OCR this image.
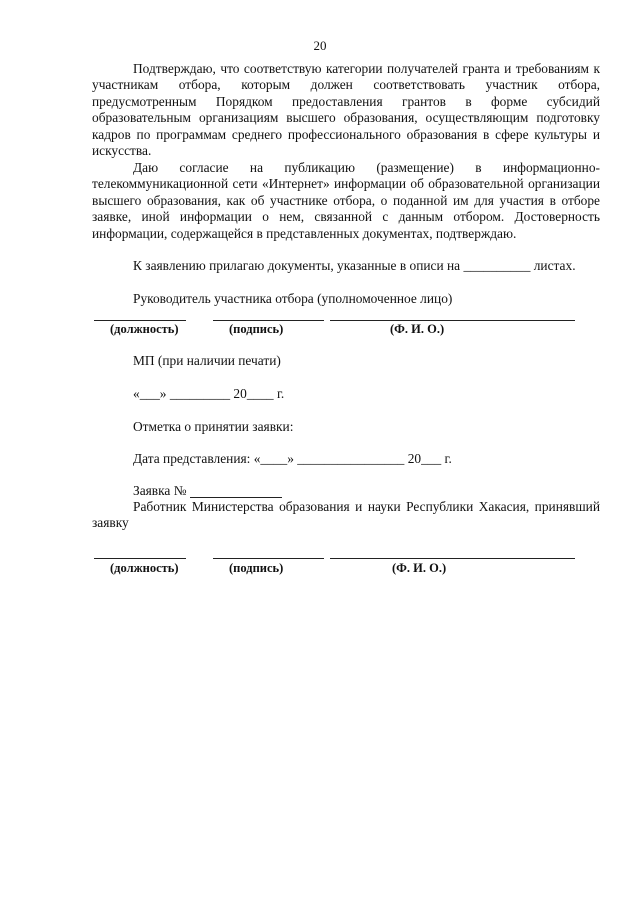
20

Подтверждаю, что соответствую категории получателей гранта и требованиям к участникам отбора, которым должен соответствовать участник отбора, предусмотренным Порядком предоставления грантов в форме субсидий образовательным организациям высшего образования, осуществляющим подготовку кадров по программам среднего профессионального образования в сфере культуры и искусства.

Даю согласие на публикацию (размещение) в информационно-телекоммуникационной сети «Интернет» информации об образовательной организации высшего образования, как об участнике отбора, о поданной им для участия в отборе заявке, иной информации о нем, связанной с данным отбором. Достоверность информации, содержащейся в представленных документах, подтверждаю.

К заявлению прилагаю документы, указанные в описи на __________ листах.
Руководитель участника отбора (уполномоченное лицо)
(должность)	(подпись)	(Ф. И. О.)
МП (при наличии печати)
«___» _________ 20____ г.
Отметка о принятии заявки:
Дата представления: «____» ________________ 20___ г.
Заявка №

Работник Министерства образования и науки Республики Хакасия, принявший заявку

(должность)	(подпись)	(Ф. И. О.)
